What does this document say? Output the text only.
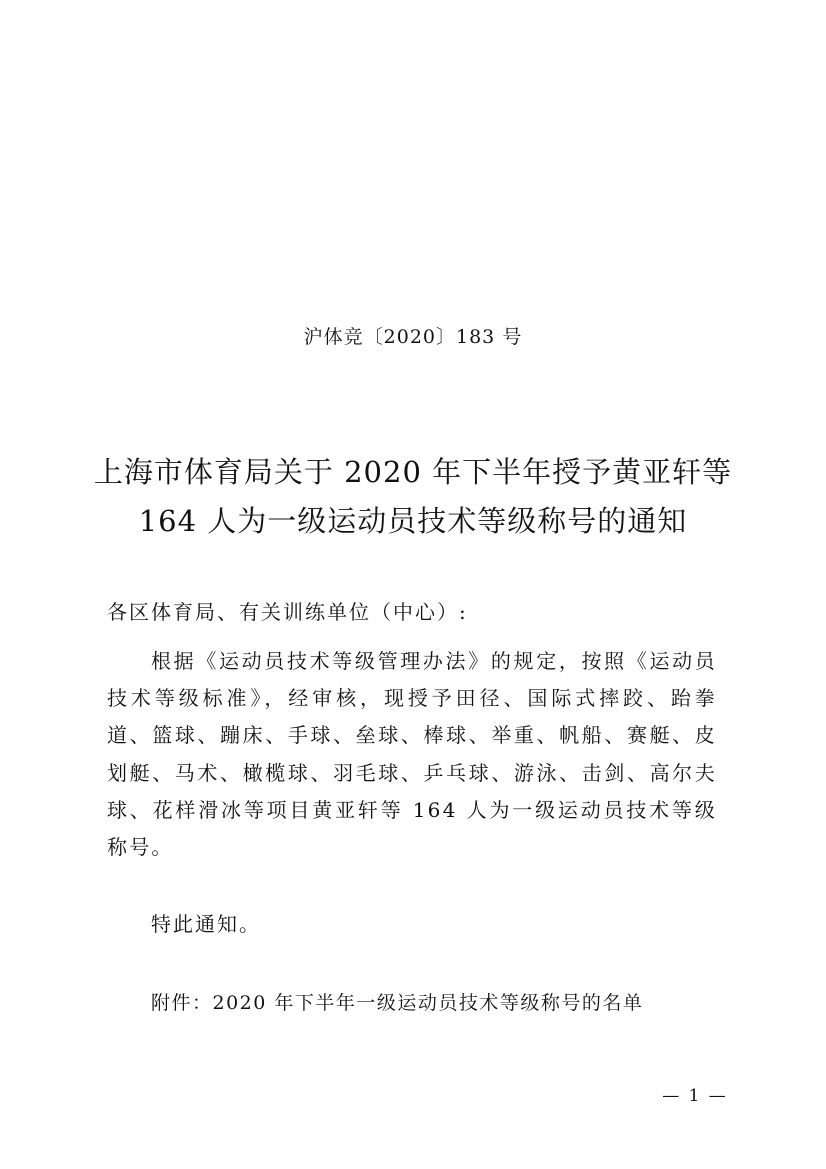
沪体竞〔2020〕183 号
上海市体育局关于 2020 年下半年授予黄亚轩等
164 人为一级运动员技术等级称号的通知
各区体育局、有关训练单位（中心）:

根据《运动员技术等级管理办法》的规定，按照《运动员技术等级标准》，经审核，现授予田径、国际式摔跤、跆拳道、篮球、蹦床、手球、垒球、棒球、举重、帆船、赛艇、皮划艇、马术、橄榄球、羽毛球、乒乓球、游泳、击剑、高尔夫球、花样滑冰等项目黄亚轩等 164 人为一级运动员技术等级称号。

特此通知。
附件：2020 年下半年一级运动员技术等级称号的名单
— 1 —
